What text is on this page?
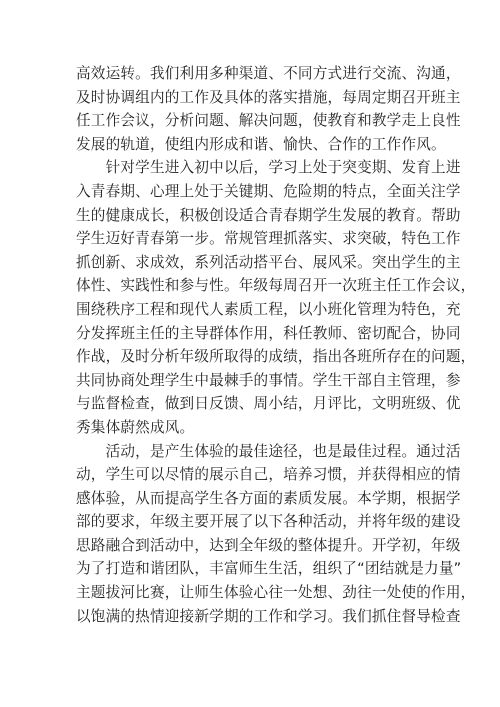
高效运转。我们利用多种渠道、不同方式进行交流、沟通，
及时协调组内的工作及具体的落实措施，每周定期召开班主
任工作会议，分析问题、解决问题，使教育和教学走上良性
发展的轨道，使组内形成和谐、愉快、合作的工作作风。

　　针对学生进入初中以后，学习上处于突变期、发育上进
入青春期、心理上处于关键期、危险期的特点，全面关注学
生的健康成长，积极创设适合青春期学生发展的教育。帮助
学生迈好青春第一步。常规管理抓落实、求突破，特色工作
抓创新、求成效，系列活动搭平台、展风采。突出学生的主
体性、实践性和参与性。年级每周召开一次班主任工作会议，
围绕秩序工程和现代人素质工程，以小班化管理为特色，充
分发挥班主任的主导群体作用，科任教师、密切配合，协同
作战，及时分析年级所取得的成绩，指出各班所存在的问题，
共同协商处理学生中最棘手的事情。学生干部自主管理，参
与监督检查，做到日反馈、周小结，月评比，文明班级、优
秀集体蔚然成风。

　　活动，是产生体验的最佳途径，也是最佳过程。通过活
动，学生可以尽情的展示自己，培养习惯，并获得相应的情
感体验，从而提高学生各方面的素质发展。本学期，根据学
部的要求，年级主要开展了以下各种活动，并将年级的建设
思路融合到活动中，达到全年级的整体提升。开学初，年级
为了打造和谐团队，丰富师生生活，组织了“团结就是力量”
主题拔河比赛，让师生体验心往一处想、劲往一处使的作用，
以饱满的热情迎接新学期的工作和学习。我们抓住督导检查
